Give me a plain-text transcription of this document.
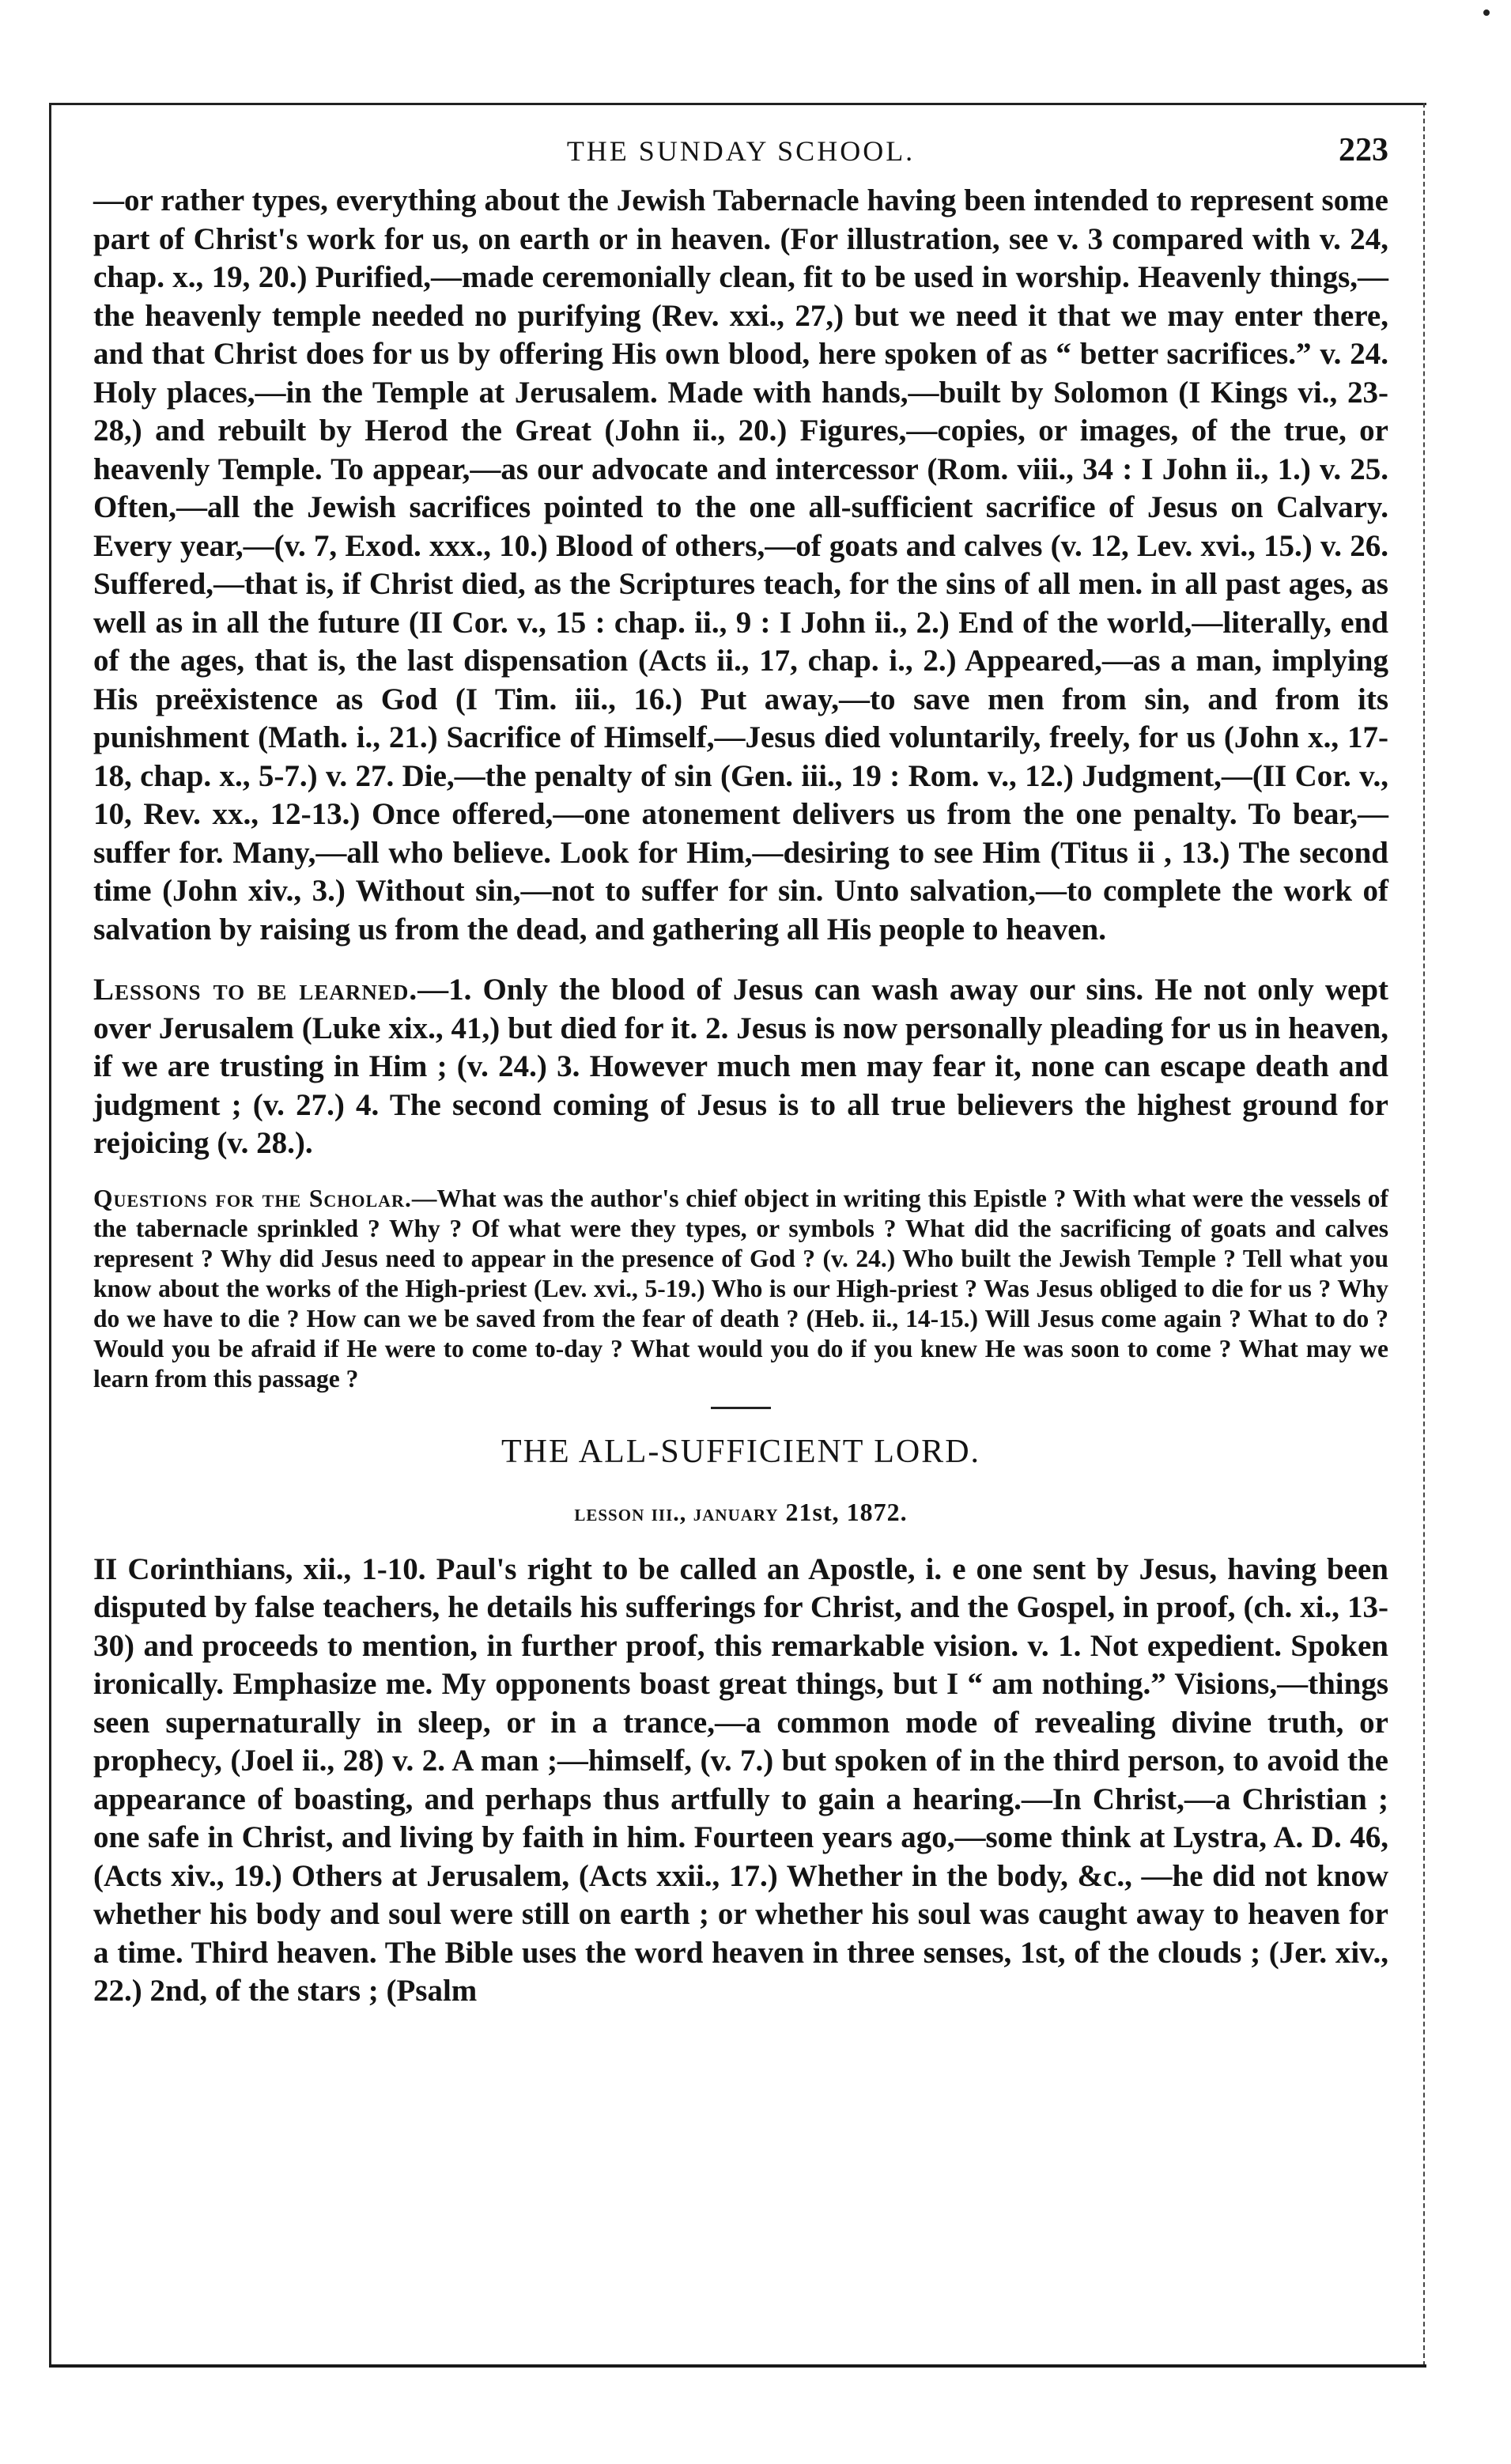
THE SUNDAY SCHOOL.	223

—or rather types, everything about the Jewish Tabernacle having been intended to represent some part of Christ's work for us, on earth or in heaven. (For illustration, see v. 3 compared with v. 24, chap. x., 19, 20.) Purified,—made ceremonially clean, fit to be used in worship. Heavenly things,—the heavenly temple needed no purifying (Rev. xxi., 27,) but we need it that we may enter there, and that Christ does for us by offering His own blood, here spoken of as “ better sacrifices.” v. 24. Holy places,—in the Temple at Jerusalem. Made with hands,—built by Solomon (I Kings vi., 23-28,) and rebuilt by Herod the Great (John ii., 20.) Figures,—copies, or images, of the true, or heavenly Temple. To appear,—as our advocate and intercessor (Rom. viii., 34 : I John ii., 1.) v. 25. Often,—all the Jewish sacrifices pointed to the one all-sufficient sacrifice of Jesus on Calvary. Every year,—(v. 7, Exod. xxx., 10.) Blood of others,—of goats and calves (v. 12, Lev. xvi., 15.) v. 26. Suffered,—that is, if Christ died, as the Scriptures teach, for the sins of all men. in all past ages, as well as in all the future (II Cor. v., 15 : chap. ii., 9 : I John ii., 2.) End of the world,—literally, end of the ages, that is, the last dispensation (Acts ii., 17, chap. i., 2.) Appeared,—as a man, implying His preëxistence as God (I Tim. iii., 16.) Put away,—to save men from sin, and from its punishment (Math. i., 21.) Sacrifice of Himself,—Jesus died voluntarily, freely, for us (John x., 17-18, chap. x., 5-7.) v. 27. Die,—the penalty of sin (Gen. iii., 19 : Rom. v., 12.) Judgment,—(II Cor. v., 10, Rev. xx., 12-13.) Once offered,—one atonement delivers us from the one penalty. To bear,—suffer for. Many,—all who believe. Look for Him,—desiring to see Him (Titus ii , 13.) The second time (John xiv., 3.) Without sin,—not to suffer for sin. Unto salvation,—to complete the work of salvation by raising us from the dead, and gathering all His people to heaven.

Lessons to be learned.—1. Only the blood of Jesus can wash away our sins. He not only wept over Jerusalem (Luke xix., 41,) but died for it. 2. Jesus is now personally pleading for us in heaven, if we are trusting in Him ; (v. 24.) 3. However much men may fear it, none can escape death and judgment ; (v. 27.) 4. The second coming of Jesus is to all true believers the highest ground for rejoicing (v. 28.).

Questions for the Scholar.—What was the author's chief object in writing this Epistle ? With what were the vessels of the tabernacle sprinkled ? Why ? Of what were they types, or symbols ? What did the sacrificing of goats and calves represent ? Why did Jesus need to appear in the presence of God ? (v. 24.) Who built the Jewish Temple ? Tell what you know about the works of the High-priest (Lev. xvi., 5-19.) Who is our High-priest ? Was Jesus obliged to die for us ? Why do we have to die ? How can we be saved from the fear of death ? (Heb. ii., 14-15.) Will Jesus come again ? What to do ? Would you be afraid if He were to come to-day ? What would you do if you knew He was soon to come ? What may we learn from this passage ?

THE ALL-SUFFICIENT LORD.
lesson iii., january 21st, 1872.

II Corinthians, xii., 1-10. Paul's right to be called an Apostle, i. e one sent by Jesus, having been disputed by false teachers, he details his sufferings for Christ, and the Gospel, in proof, (ch. xi., 13-30) and proceeds to mention, in further proof, this remarkable vision. v. 1. Not expedient. Spoken ironically. Emphasize me. My opponents boast great things, but I “ am nothing.” Visions,—things seen supernaturally in sleep, or in a trance,—a common mode of revealing divine truth, or prophecy, (Joel ii., 28) v. 2. A man ;—himself, (v. 7.) but spoken of in the third person, to avoid the appearance of boasting, and perhaps thus artfully to gain a hearing.—In Christ,—a Christian ; one safe in Christ, and living by faith in him. Fourteen years ago,—some think at Lystra, A. D. 46, (Acts xiv., 19.) Others at Jerusalem, (Acts xxii., 17.) Whether in the body, &c., —he did not know whether his body and soul were still on earth ; or whether his soul was caught away to heaven for a time. Third heaven. The Bible uses the word heaven in three senses, 1st, of the clouds ; (Jer. xiv., 22.) 2nd, of the stars ; (Psalm
